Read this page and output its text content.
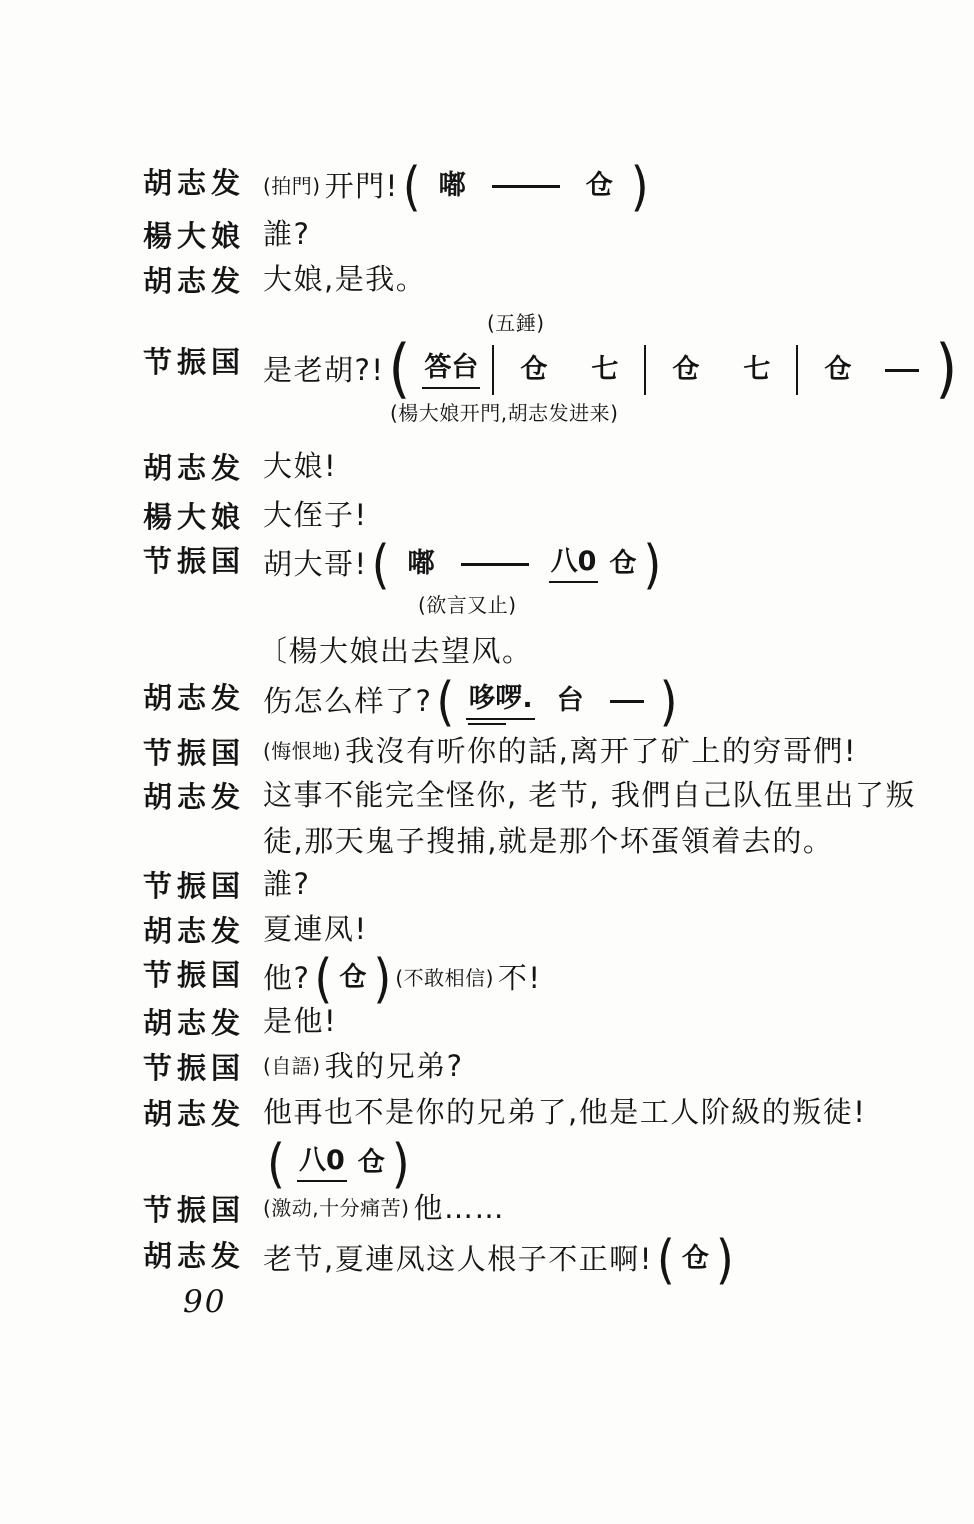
胡志发 (拍門) 开門! ( 嘟	仓 )
楊大娘 誰?
胡志发 大娘,是我。
(五錘)
节振国 是老胡?! ( 答台 仓 七 仓 七 仓 )
(楊大娘开門,胡志发进来)
胡志发 大娘!
楊大娘 大侄子!
节振国 胡大哥! ( 嘟	八0 仓 )
(欲言又止)
〔楊大娘出去望风。
胡志发 伤怎么样了? ( 哆啰. 台 )
节振国 (悔恨地) 我沒有听你的話,离开了矿上的穷哥們!
胡志发 这事不能完全怪你, 老节, 我們自己队伍里出了叛
徒,那天鬼子搜捕,就是那个坏蛋領着去的。
节振国 誰?
胡志发 夏連凤!
节振国 他? ( 仓 ) (不敢相信) 不!
胡志发 是他!
节振国 (自語) 我的兄弟?
胡志发 他再也不是你的兄弟了,他是工人阶級的叛徒!
( 八0 仓 )
节振国 (激动,十分痛苦) 他……
胡志发 老节,夏連凤这人根子不正啊! ( 仓 )
90
